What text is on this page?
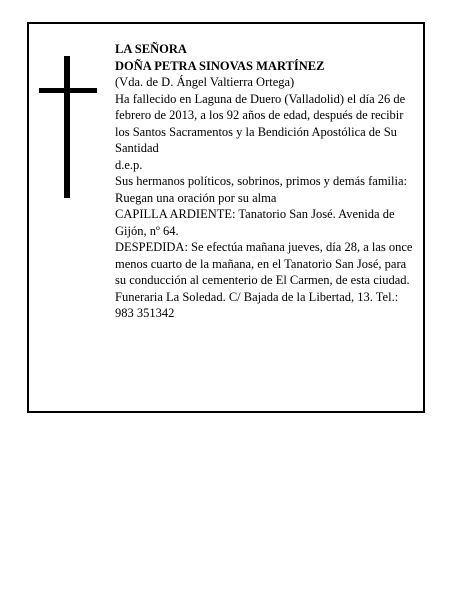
LA SEÑORA

DOÑA PETRA SINOVAS MARTÍNEZ

(Vda. de D. Ángel Valtierra Ortega)

Ha fallecido en Laguna de Duero (Valladolid) el día 26 de febrero de 2013, a los 92 años de edad, después de recibir los Santos Sacramentos y la Bendición Apostólica de Su Santidad

d.e.p.

Sus hermanos políticos, sobrinos, primos y demás familia:

Ruegan una oración por su alma

CAPILLA ARDIENTE: Tanatorio San José. Avenida de Gijón, nº 64.

DESPEDIDA: Se efectúa mañana jueves, día 28, a las once menos cuarto de la mañana, en el Tanatorio San José, para su conducción al cementerio de El Carmen, de esta ciudad.

Funeraria La Soledad. C/ Bajada de la Libertad, 13. Tel.: 983 351342
